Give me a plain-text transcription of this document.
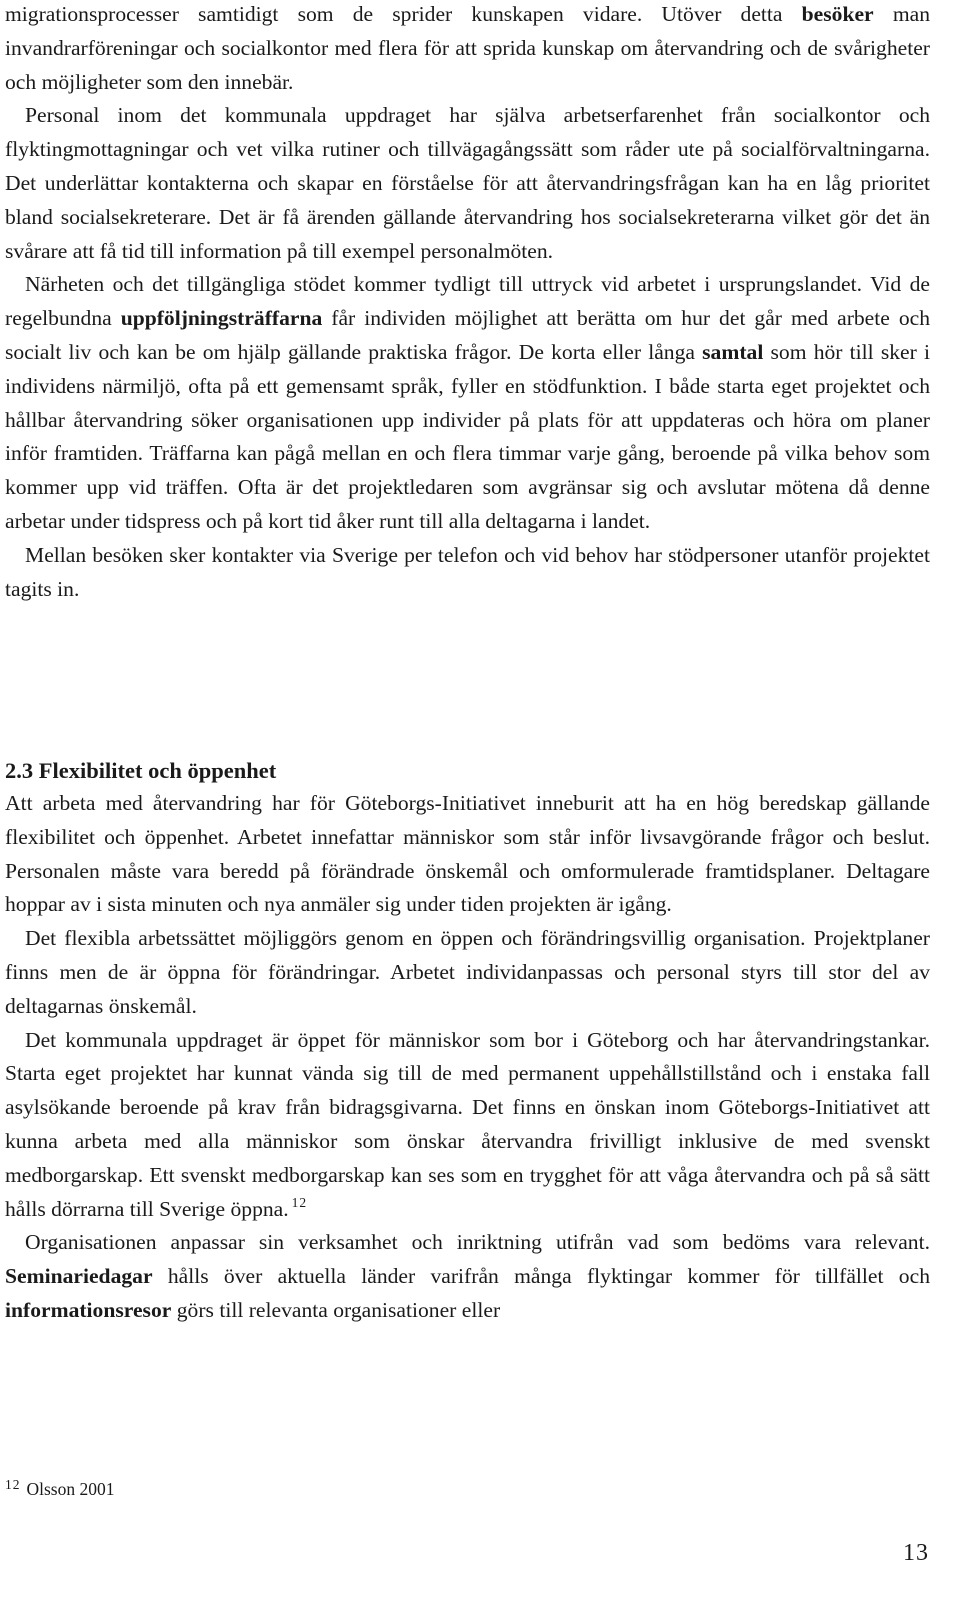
migrationsprocesser samtidigt som de sprider kunskapen vidare. Utöver detta besöker man invandrarföreningar och socialkontor med flera för att sprida kunskap om återvandring och de svårigheter och möjligheter som den innebär.

Personal inom det kommunala uppdraget har själva arbetserfarenhet från socialkontor och flyktingmottagningar och vet vilka rutiner och tillvägagångssätt som råder ute på socialförvaltningarna. Det underlättar kontakterna och skapar en förståelse för att återvandringsfrågan kan ha en låg prioritet bland socialsekreterare. Det är få ärenden gällande återvandring hos socialsekreterarna vilket gör det än svårare att få tid till information på till exempel personalmöten.

Närheten och det tillgängliga stödet kommer tydligt till uttryck vid arbetet i ursprungslandet. Vid de regelbundna uppföljningsträffarna får individen möjlighet att berätta om hur det går med arbete och socialt liv och kan be om hjälp gällande praktiska frågor. De korta eller långa samtal som hör till sker i individens närmiljö, ofta på ett gemensamt språk, fyller en stödfunktion. I både starta eget projektet och hållbar återvandring söker organisationen upp individer på plats för att uppdateras och höra om planer inför framtiden. Träffarna kan pågå mellan en och flera timmar varje gång, beroende på vilka behov som kommer upp vid träffen. Ofta är det projektledaren som avgränsar sig och avslutar mötena då denne arbetar under tidspress och på kort tid åker runt till alla deltagarna i landet.

Mellan besöken sker kontakter via Sverige per telefon och vid behov har stödpersoner utanför projektet tagits in.

2.3 Flexibilitet och öppenhet

Att arbeta med återvandring har för Göteborgs-Initiativet inneburit att ha en hög beredskap gällande flexibilitet och öppenhet. Arbetet innefattar människor som står inför livsavgörande frågor och beslut. Personalen måste vara beredd på förändrade önskemål och omformulerade framtidsplaner. Deltagare hoppar av i sista minuten och nya anmäler sig under tiden projekten är igång.

Det flexibla arbetssättet möjliggörs genom en öppen och förändringsvillig organisation. Projektplaner finns men de är öppna för förändringar. Arbetet individanpassas och personal styrs till stor del av deltagarnas önskemål.

Det kommunala uppdraget är öppet för människor som bor i Göteborg och har återvandringstankar. Starta eget projektet har kunnat vända sig till de med permanent uppehållstillstånd och i enstaka fall asylsökande beroende på krav från bidragsgivarna. Det finns en önskan inom Göteborgs-Initiativet att kunna arbeta med alla människor som önskar återvandra frivilligt inklusive de med svenskt medborgarskap. Ett svenskt medborgarskap kan ses som en trygghet för att våga återvandra och på så sätt hålls dörrarna till Sverige öppna. $^{12}$

Organisationen anpassar sin verksamhet och inriktning utifrån vad som bedöms vara relevant. Seminariedagar hålls över aktuella länder varifrån många flyktingar kommer för tillfället och informationsresor görs till relevanta organisationer eller

$^{12}$ Olsson 2001
13
